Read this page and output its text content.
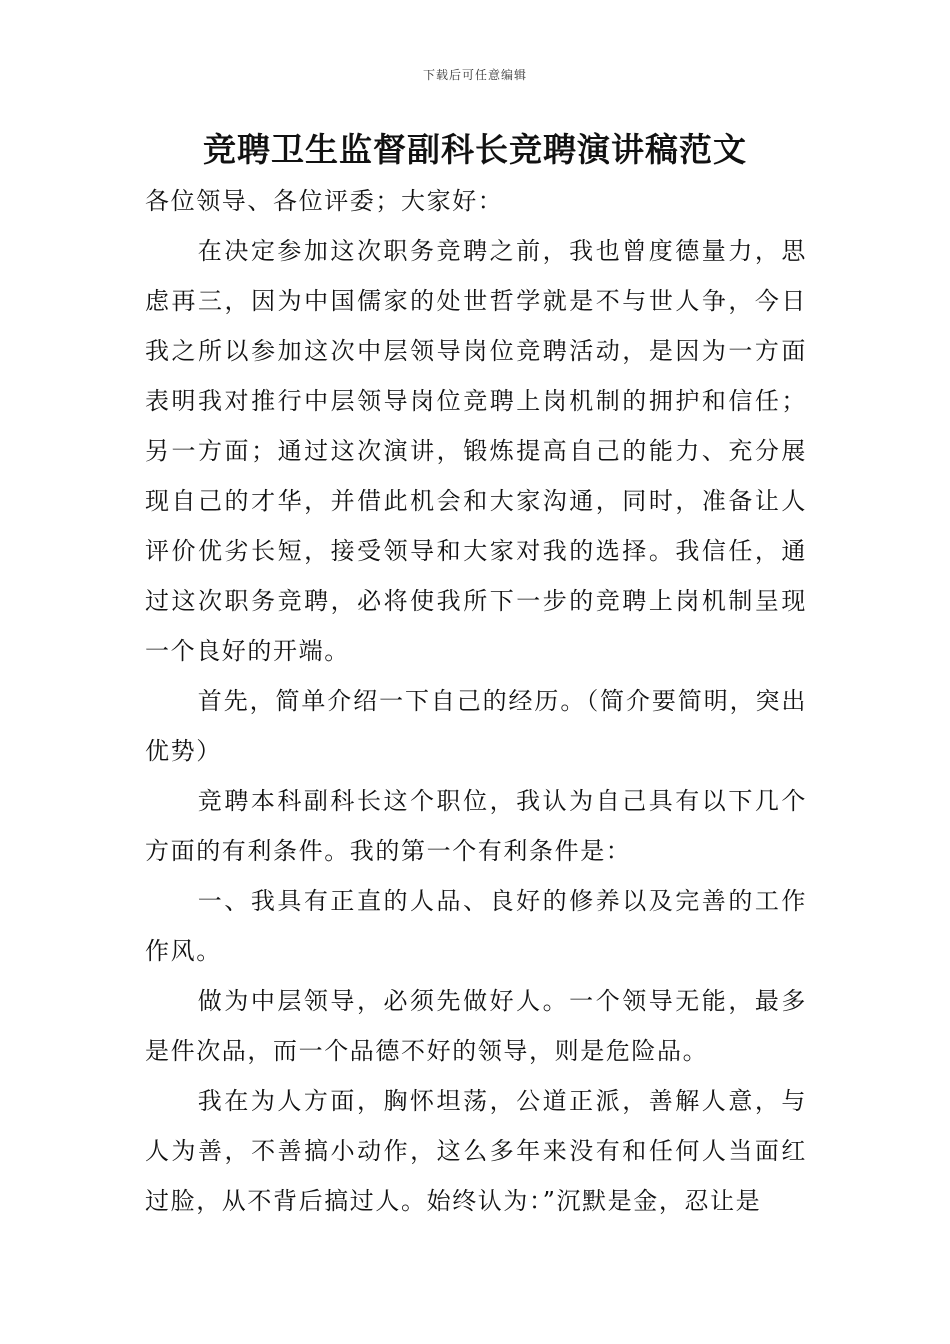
下载后可任意编辑
竞聘卫生监督副科长竞聘演讲稿范文

各位领导、各位评委；大家好：

在决定参加这次职务竞聘之前，我也曾度德量力，思虑再三，因为中国儒家的处世哲学就是不与世人争，今日我之所以参加这次中层领导岗位竞聘活动，是因为一方面表明我对推行中层领导岗位竞聘上岗机制的拥护和信任；另一方面；通过这次演讲，锻炼提高自己的能力、充分展现自己的才华，并借此机会和大家沟通，同时，准备让人评价优劣长短，接受领导和大家对我的选择。我信任，通过这次职务竞聘，必将使我所下一步的竞聘上岗机制呈现一个良好的开端。

首先，简单介绍一下自己的经历。（简介要简明，突出优势）

竞聘本科副科长这个职位，我认为自己具有以下几个方面的有利条件。我的第一个有利条件是：

一、我具有正直的人品、良好的修养以及完善的工作作风。

做为中层领导，必须先做好人。一个领导无能，最多是件次品，而一个品德不好的领导，则是危险品。

我在为人方面，胸怀坦荡，公道正派，善解人意，与人为善，不善搞小动作，这么多年来没有和任何人当面红过脸，从不背后搞过人。始终认为：”沉默是金，忍让是
